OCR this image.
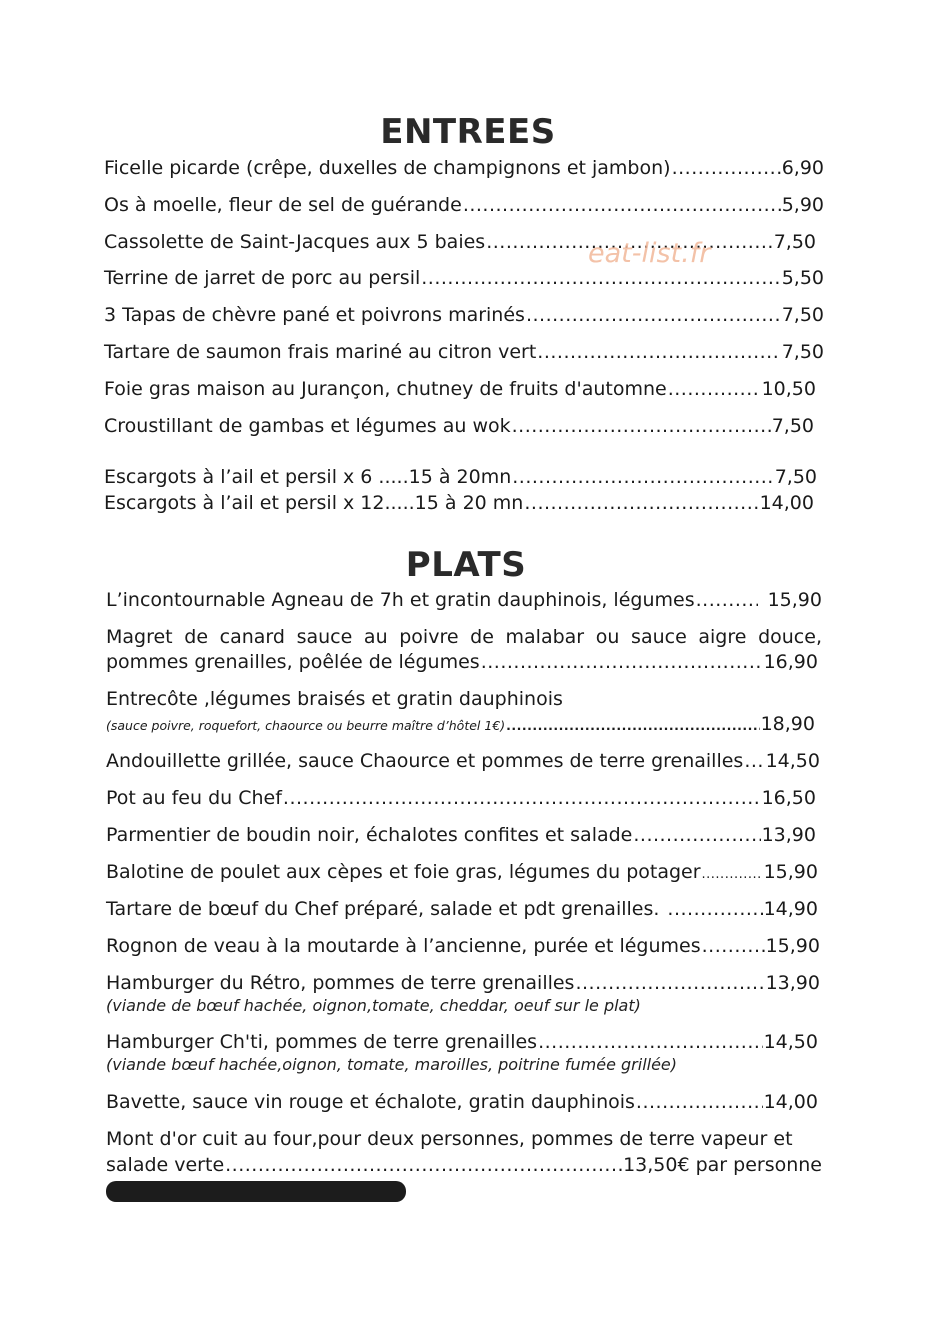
ENTREES
Ficelle picarde (crêpe, duxelles de champignons et jambon) .....	6,90
Os à moelle, fleur de sel de guérande .....	5,90
Cassolette de Saint-Jacques aux 5 baies .....	7,50
Terrine de jarret de porc au persil .....	5,50
3 Tapas de chèvre pané et poivrons marinés .....	7,50
Tartare de saumon frais mariné au citron vert .....	7,50
Foie gras maison au Jurançon, chutney de fruits d'automne .....	10,50
Croustillant de gambas et légumes au wok .....	7,50
Escargots à l’ail et persil x 6 .....15 à 20mn .....	7,50
Escargots à l’ail et persil x 12.....15 à 20 mn .....	14,00
eat-list.fr
PLATS
L’incontournable Agneau de 7h et gratin dauphinois, légumes .....	15,90
Magret de canard sauce au poivre de malabar ou sauce aigre douce,
pommes grenailles, poêlée de légumes .....	16,90
Entrecôte ,légumes braisés et gratin dauphinois
(sauce poivre, roquefort, chaource ou beurre maître d’hôtel 1€) .....	18,90
Andouillette grillée, sauce Chaource et pommes de terre grenailles ..... 14,50
Pot au feu du Chef .....	16,50
Parmentier de boudin noir, échalotes confites et salade .....	13,90
Balotine de poulet aux cèpes et foie gras, légumes du potager .....	15,90
Tartare de bœuf du Chef préparé, salade et pdt grenailles. .....	14,90
Rognon de veau à la moutarde à l’ancienne, purée et légumes .....	15,90
Hamburger du Rétro, pommes de terre grenailles .....	13,90
(viande de bœuf hachée, oignon,tomate, cheddar, oeuf sur le plat)
Hamburger Ch'ti, pommes de terre grenailles .....	14,50
(viande bœuf hachée,oignon, tomate, maroilles, poitrine fumée grillée)
Bavette, sauce vin rouge et échalote, gratin dauphinois .....	14,00
Mont d'or cuit au four,pour deux personnes, pommes de terre vapeur et
salade verte .....	13,50€ par personne
